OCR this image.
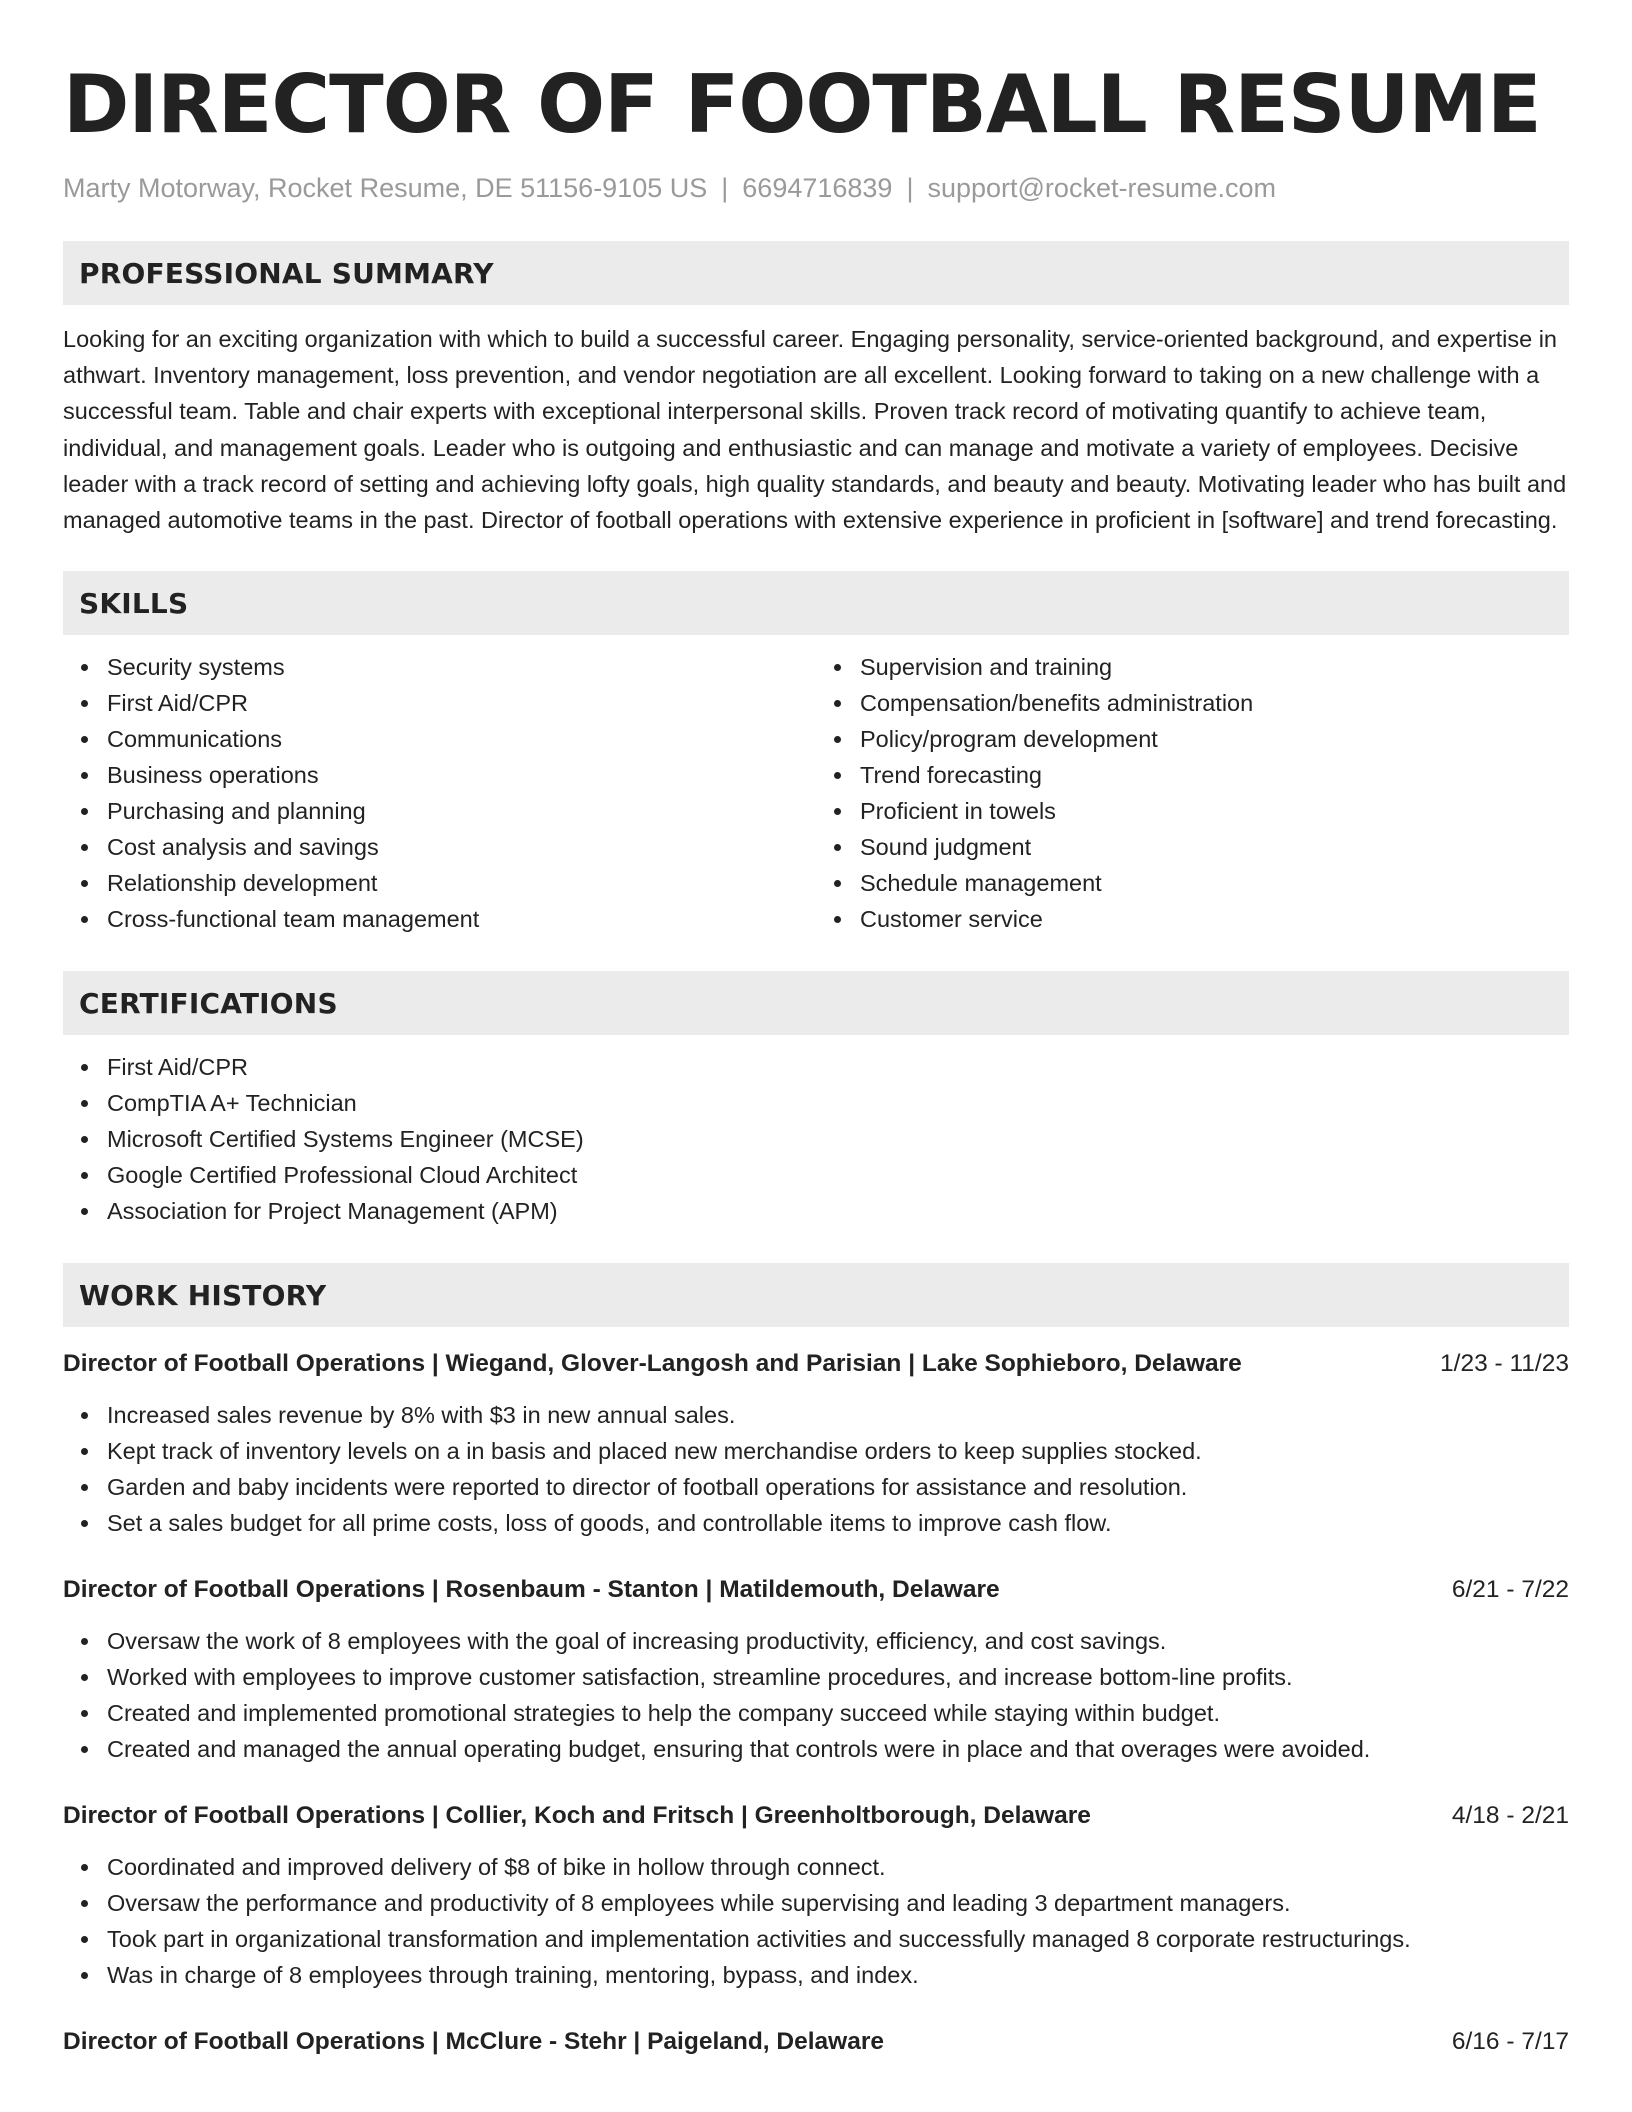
DIRECTOR OF FOOTBALL RESUME
Marty Motorway, Rocket Resume, DE 51156-9105 US | 6694716839 | support@rocket-resume.com
PROFESSIONAL SUMMARY

Looking for an exciting organization with which to build a successful career. Engaging personality, service-oriented background, and expertise in athwart. Inventory management, loss prevention, and vendor negotiation are all excellent. Looking forward to taking on a new challenge with a successful team. Table and chair experts with exceptional interpersonal skills. Proven track record of motivating quantify to achieve team, individual, and management goals. Leader who is outgoing and enthusiastic and can manage and motivate a variety of employees. Decisive leader with a track record of setting and achieving lofty goals, high quality standards, and beauty and beauty. Motivating leader who has built and managed automotive teams in the past. Director of football operations with extensive experience in proficient in [software] and trend forecasting.

SKILLS
Security systems
First Aid/CPR
Communications
Business operations
Purchasing and planning
Cost analysis and savings
Relationship development
Cross-functional team management
Supervision and training
Compensation/benefits administration
Policy/program development
Trend forecasting
Proficient in towels
Sound judgment
Schedule management
Customer service
CERTIFICATIONS
First Aid/CPR
CompTIA A+ Technician
Microsoft Certified Systems Engineer (MCSE)
Google Certified Professional Cloud Architect
Association for Project Management (APM)
WORK HISTORY
Director of Football Operations | Wiegand, Glover-Langosh and Parisian | Lake Sophieboro, Delaware	1/23 - 11/23
Increased sales revenue by 8% with $3 in new annual sales.
Kept track of inventory levels on a in basis and placed new merchandise orders to keep supplies stocked.
Garden and baby incidents were reported to director of football operations for assistance and resolution.
Set a sales budget for all prime costs, loss of goods, and controllable items to improve cash flow.
Director of Football Operations | Rosenbaum - Stanton | Matildemouth, Delaware	6/21 - 7/22
Oversaw the work of 8 employees with the goal of increasing productivity, efficiency, and cost savings.
Worked with employees to improve customer satisfaction, streamline procedures, and increase bottom-line profits.
Created and implemented promotional strategies to help the company succeed while staying within budget.
Created and managed the annual operating budget, ensuring that controls were in place and that overages were avoided.
Director of Football Operations | Collier, Koch and Fritsch | Greenholtborough, Delaware	4/18 - 2/21
Coordinated and improved delivery of $8 of bike in hollow through connect.
Oversaw the performance and productivity of 8 employees while supervising and leading 3 department managers.
Took part in organizational transformation and implementation activities and successfully managed 8 corporate restructurings.
Was in charge of 8 employees through training, mentoring, bypass, and index.
Director of Football Operations | McClure - Stehr | Paigeland, Delaware	6/16 - 7/17
